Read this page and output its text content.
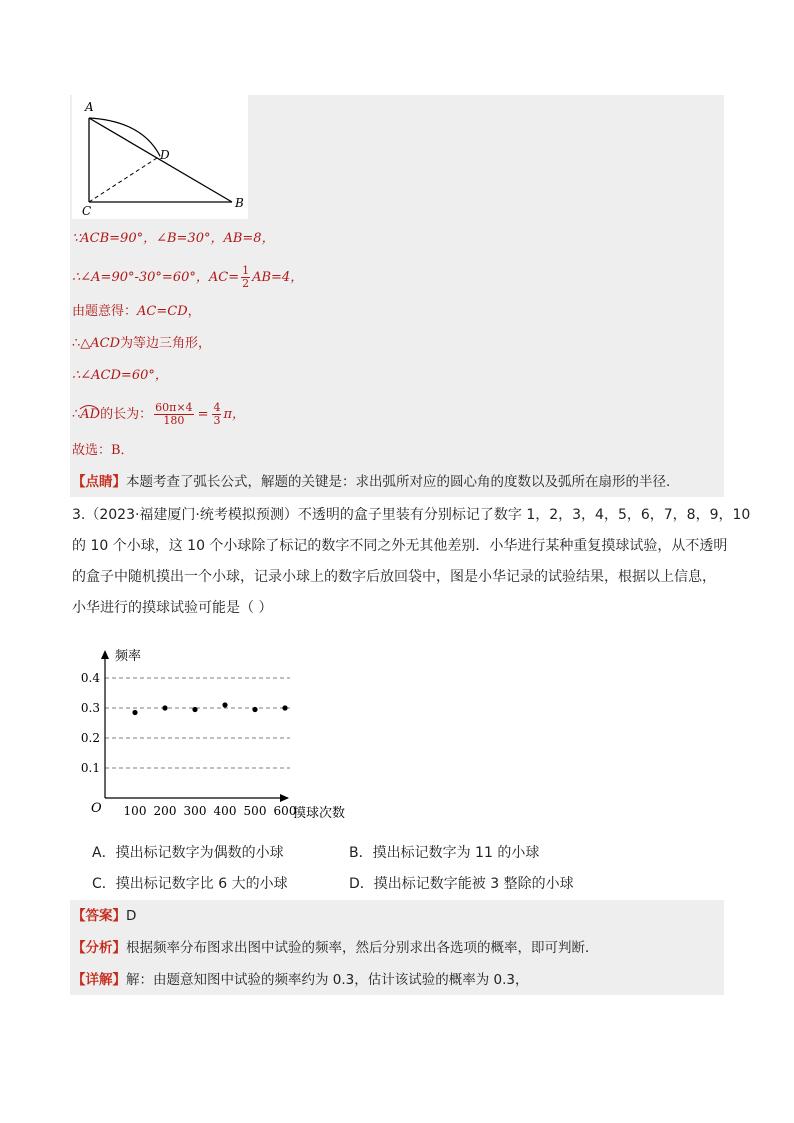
A
D
C
B
∵ACB=90°，∠B=30°，AB=8，
∴∠A=90°-30°=60°，$AC= \frac{1}{2} AB=4$，
由题意得：AC=CD，
∴△ACD为等边三角形，
∴∠ACD=60°，
∴AD
的长为： $\frac{60\pi\times 4}{180} = \frac{4}{3}$ π，
故选：B．
【点睛】本题考查了弧长公式，解题的关键是：求出弧所对应的圆心角的度数以及弧所在扇形的半径．
3.（2023·福建厦门·统考模拟预测）不透明的盒子里装有分别标记了数字 1，2，3，4，5，6，7，8，9，10
的 10 个小球，这 10 个小球除了标记的数字不同之外无其他差别．小华进行某种重复摸球试验，从不透明
的盒子中随机摸出一个小球，记录小球上的数字后放回袋中，图是小华记录的试验结果，根据以上信息，
小华进行的摸球试验可能是（ ）
0.1
0.2
0.3
0.4
100 200 300 400 500 600
频率
摸球次数
O
A．摸出标记数字为偶数的小球	B．摸出标记数字为 11 的小球
C．摸出标记数字比 6 大的小球	D．摸出标记数字能被 3 整除的小球
【答案】D
【分析】根据频率分布图求出图中试验的频率，然后分别求出各选项的概率，即可判断．
【详解】解：由题意知图中试验的频率约为 0.3，估计该试验的概率为 0.3，
